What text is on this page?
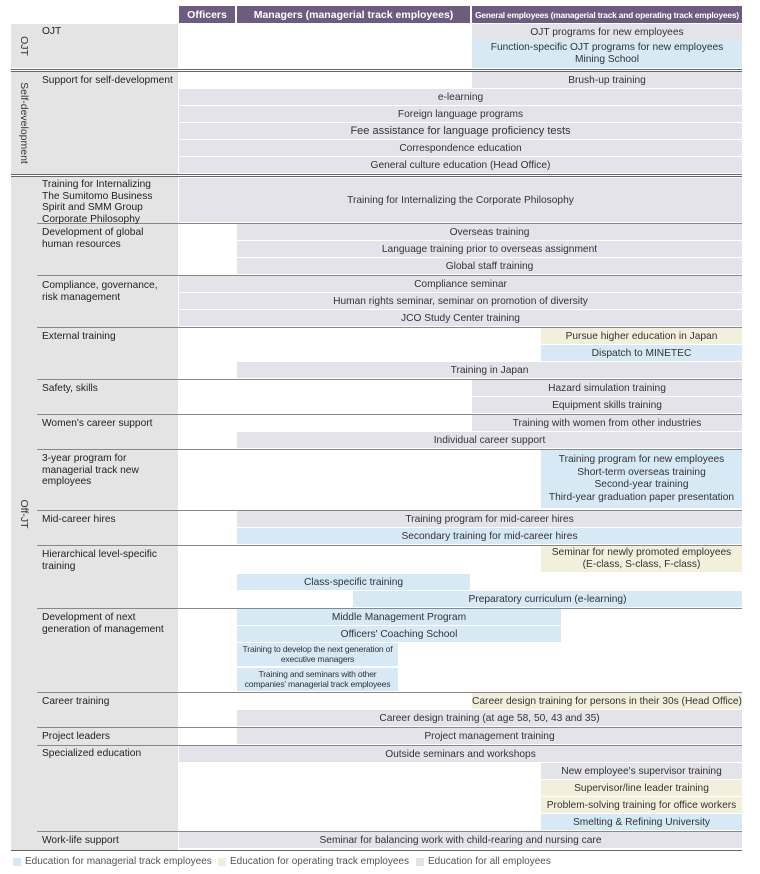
Officers	Managers (managerial track employees)	General employees (managerial track and operating track employees)
OJT
Self-development
Off-JT
OJT
Support for self-development
Training for Internalizing The Sumitomo Business Spirit and SMM Group Corporate Philosophy
Development of global human resources
Compliance, governance, risk management
External training
Safety, skills
Women's career support
3-year program for managerial track new employees
Mid-career hires
Hierarchical level-specific training
Development of next generation of management
Career training
Project leaders
Specialized education
Work-life support
OJT programs for new employees
Function-specific OJT programs for new employees
Mining School
Brush-up training
e-learning
Foreign language programs
Fee assistance for language proficiency tests
Correspondence education
General culture education (Head Office)
Training for Internalizing the Corporate Philosophy
Overseas training
Language training prior to overseas assignment
Global staff training
Compliance seminar
Human rights seminar, seminar on promotion of diversity
JCO Study Center training
Pursue higher education in Japan
Dispatch to MINETEC
Training in Japan
Hazard simulation training
Equipment skills training
Training with women from other industries
Individual career support
Training program for new employees
Short-term overseas training
Second-year training
Third-year graduation paper presentation
Training program for mid-career hires
Secondary training for mid-career hires
Seminar for newly promoted employees
(E-class, S-class, F-class)
Class-specific training
Preparatory curriculum (e-learning)
Middle Management Program
Officers' Coaching School
Training to develop the next generation of executive managers
Training and seminars with other companies' managerial track employees
Career design training for persons in their 30s (Head Office)
Career design training (at age 58, 50, 43 and 35)
Project management training
Outside seminars and workshops
New employee's supervisor training
Supervisor/line leader training
Problem-solving training for office workers
Smelting & Refining University
Seminar for balancing work with child-rearing and nursing care
Education for managerial track employees Education for operating track employees Education for all employees
